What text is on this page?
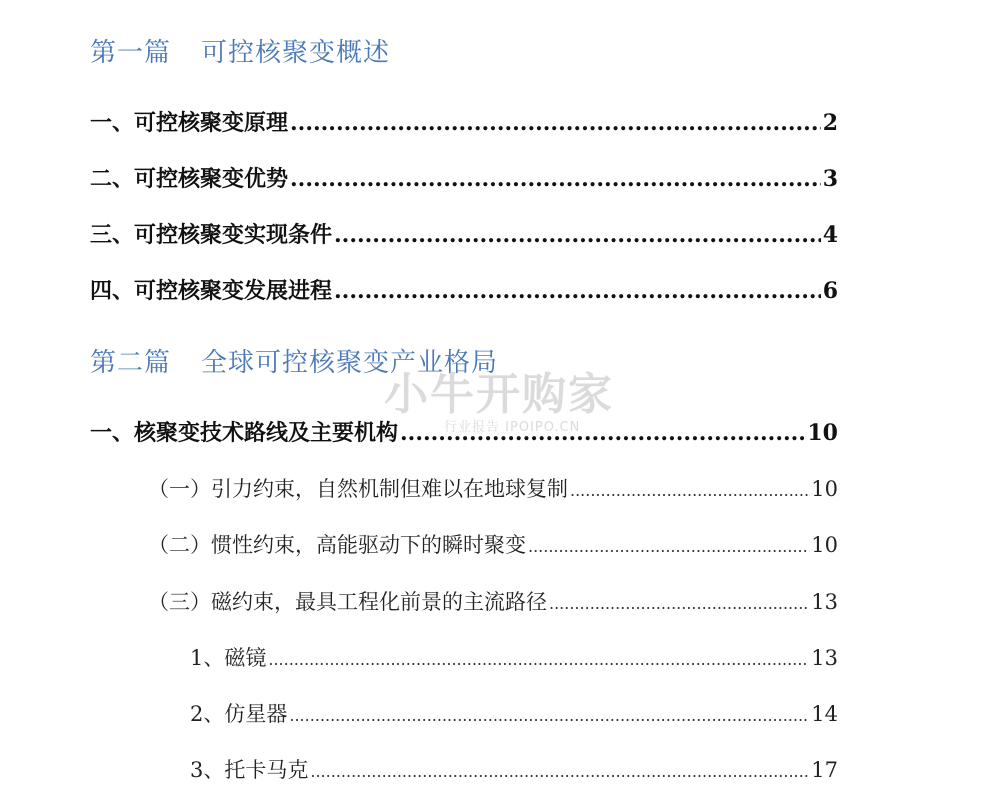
第一篇 可控核聚变概述
一、可控核聚变原理 .....	2
二、可控核聚变优势 .....	3
三、可控核聚变实现条件 .....	4
四、可控核聚变发展进程 .....	6
第二篇 全球可控核聚变产业格局
一、核聚变技术路线及主要机构 .....	10
（一）引力约束，自然机制但难以在地球复制 .....	10
（二）惯性约束，高能驱动下的瞬时聚变 .....	10
（三）磁约束，最具工程化前景的主流路径 .....	13
1、磁镜 .....	13
2、仿星器 .....	14
3、托卡马克 .....	17
小牛开购家
行业报告 IPOIPO.CN
